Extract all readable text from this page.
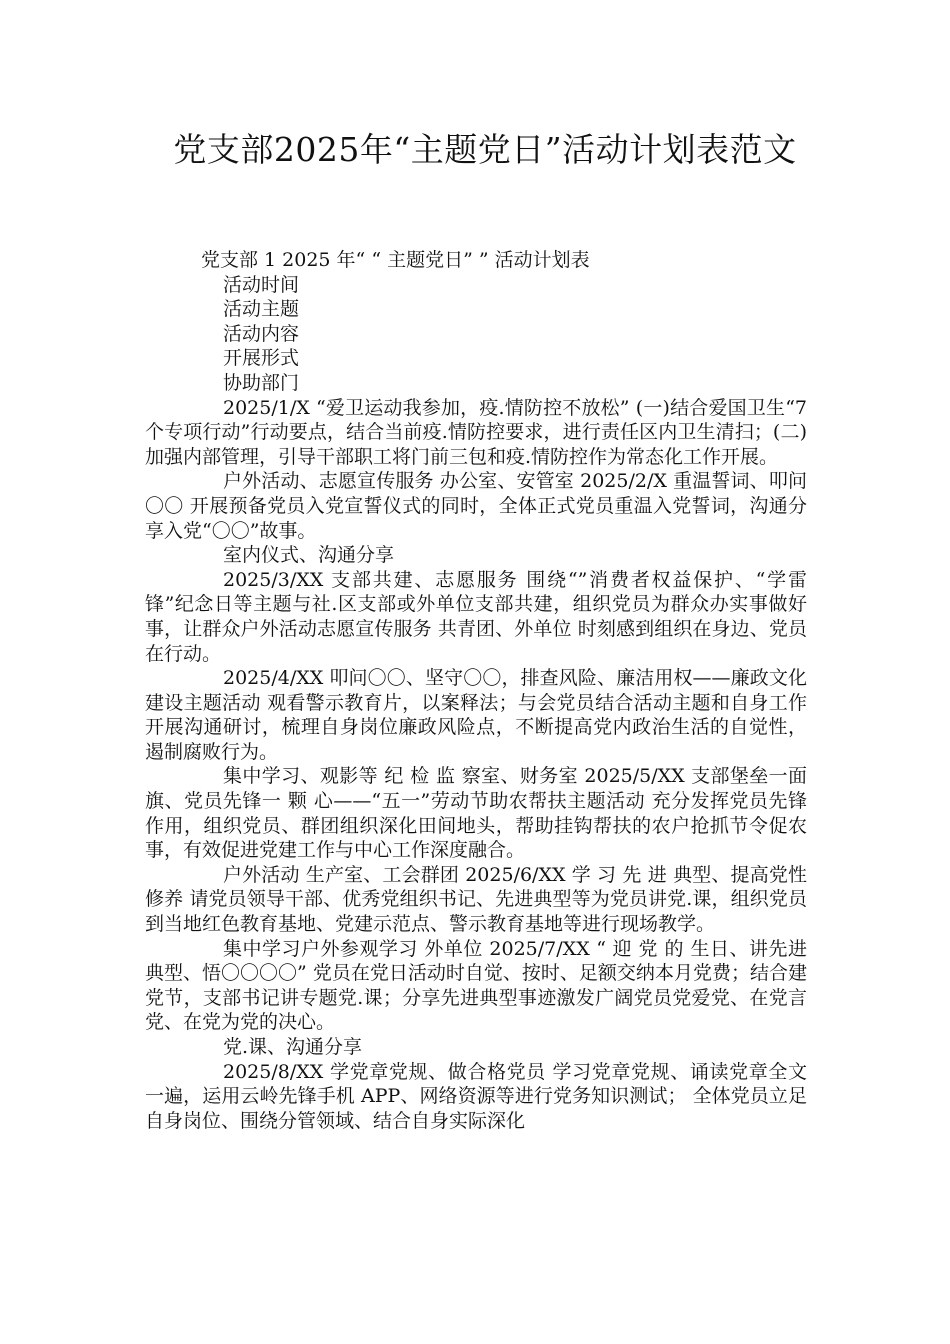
党支部2025年“主题党日”活动计划表范文

党支部 1 2025 年“ “ 主题党日” ” 活动计划表

活动时间

活动主题

活动内容

开展形式

协助部门

2025/1/X “爱卫运动我参加，疫.情防控不放松” (一)结合爱国卫生“7 个专项行动”行动要点，结合当前疫.情防控要求，进行责任区内卫生清扫；(二)加强内部管理，引导干部职工将门前三包和疫.情防控作为常态化工作开展。

户外活动、志愿宣传服务 办公室、安管室 2025/2/X 重温誓词、叩问〇〇 开展预备党员入党宣誓仪式的同时，全体正式党员重温入党誓词，沟通分享入党“〇〇”故事。

室内仪式、沟通分享

2025/3/XX 支部共建、志愿服务 围绕“”消费者权益保护、“学雷锋”纪念日等主题与社.区支部或外单位支部共建，组织党员为群众办实事做好事，让群众户外活动志愿宣传服务 共青团、外单位 时刻感到组织在身边、党员在行动。

2025/4/XX 叩问〇〇、坚守〇〇，排查风险、廉洁用权——廉政文化建设主题活动 观看警示教育片，以案释法；与会党员结合活动主题和自身工作开展沟通研讨，梳理自身岗位廉政风险点，不断提高党内政治生活的自觉性，遏制腐败行为。

集中学习、观影等 纪 检 监 察室、财务室 2025/5/XX 支部堡垒一面旗、党员先锋一 颗 心——“五一”劳动节助农帮扶主题活动 充分发挥党员先锋作用，组织党员、群团组织深化田间地头，帮助挂钩帮扶的农户抢抓节令促农事，有效促进党建工作与中心工作深度融合。

户外活动 生产室、工会群团 2025/6/XX 学 习 先 进 典型、提高党性修养 请党员领导干部、优秀党组织书记、先进典型等为党员讲党.课，组织党员到当地红色教育基地、党建示范点、警示教育基地等进行现场教学。

集中学习户外参观学习 外单位 2025/7/XX “ 迎 党 的 生日、讲先进典型、悟〇〇〇〇” 党员在党日活动时自觉、按时、足额交纳本月党费；结合建党节，支部书记讲专题党.课；分享先进典型事迹激发广阔党员党爱党、在党言党、在党为党的决心。

党.课、沟通分享

2025/8/XX 学党章党规、做合格党员 学习党章党规、诵读党章全文一遍，运用云岭先锋手机 APP、网络资源等进行党务知识测试； 全体党员立足自身岗位、围绕分管领域、结合自身实际深化
